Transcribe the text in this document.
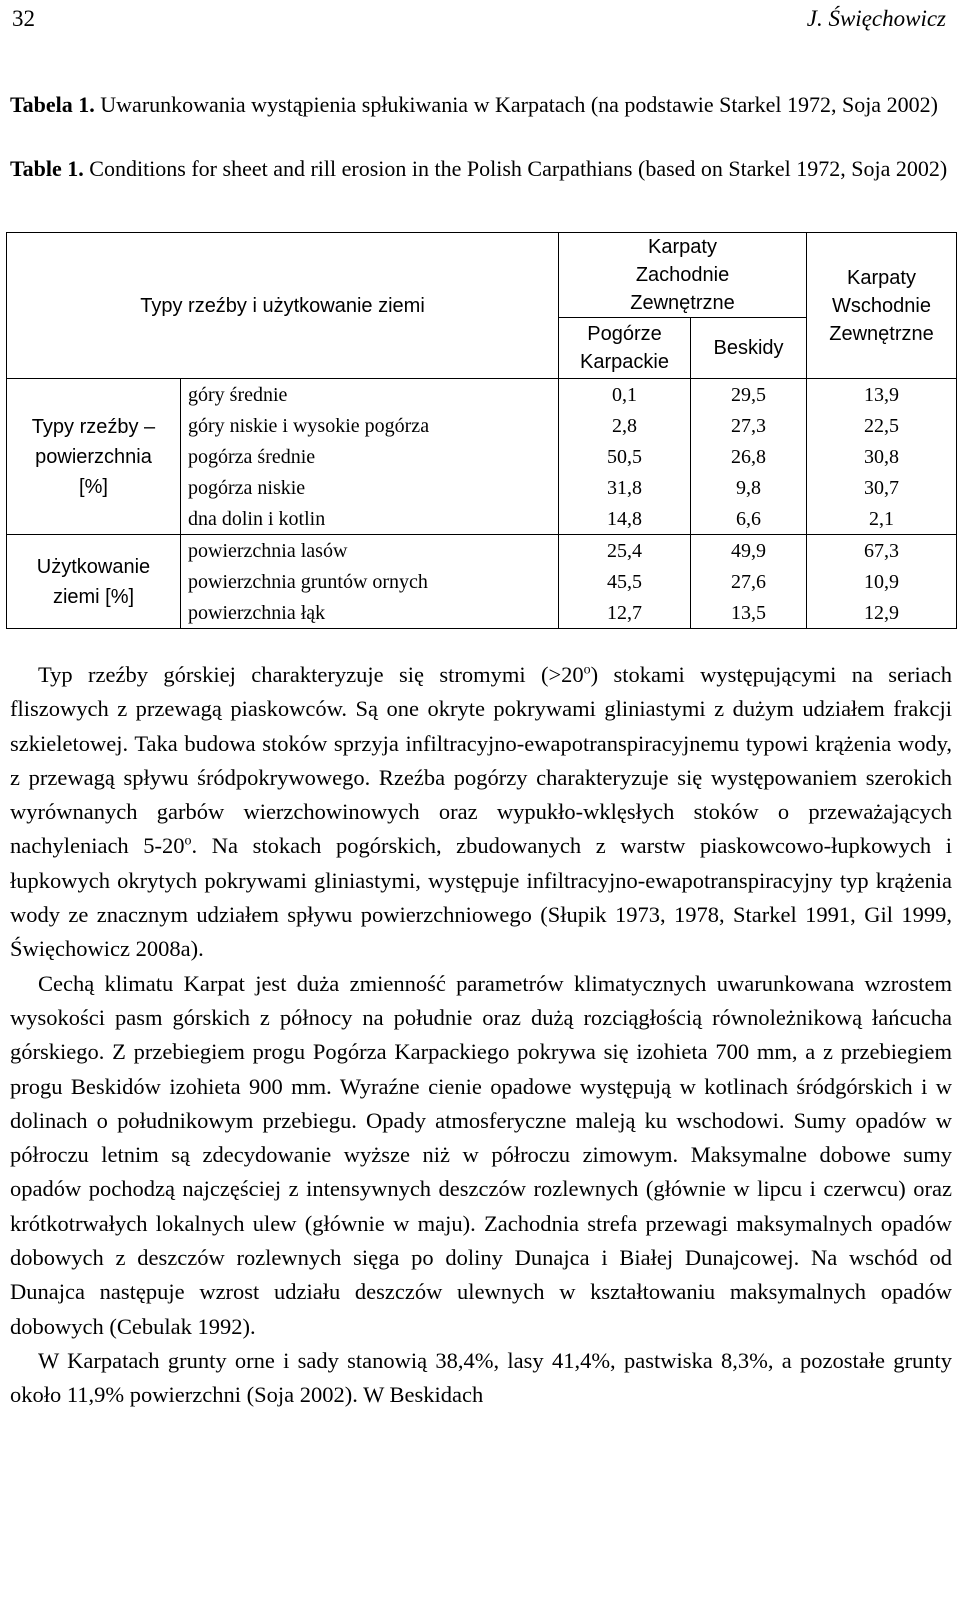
32	J. Święchowicz
Tabela 1. Uwarunkowania wystąpienia spłukiwania w Karpatach (na podstawie Starkel 1972, Soja 2002)
Table 1. Conditions for sheet and rill erosion in the Polish Carpathians (based on Starkel 1972, Soja 2002)
Typy rzeźby i użytkowanie ziemi		Karpaty Zachodnie Zewnętrzne		Karpaty Wschodnie Zewnętrzne
		Pogórze Karpackie	Beskidy	
Typy rzeźby – powierzchnia [%]	góry średnie	0,1	29,5	13,9
	góry niskie i wysokie pogórza	2,8	27,3	22,5
	pogórza średnie	50,5	26,8	30,8
	pogórza niskie	31,8	9,8	30,7
	dna dolin i kotlin	14,8	6,6	2,1
Użytkowanie ziemi [%]	powierzchnia lasów	25,4	49,9	67,3
	powierzchnia gruntów ornych	45,5	27,6	10,9
	powierzchnia łąk	12,7	13,5	12,9

Typ rzeźby górskiej charakteryzuje się stromymi $(>20^o)$ stokami występującymi na seriach fliszowych z przewagą piaskowców. Są one okryte pokrywami gliniastymi z dużym udziałem frakcji szkieletowej. Taka budowa stoków sprzyja infiltracyjno-ewapotranspiracyjnemu typowi krążenia wody, z przewagą spływu śródpokrywowego. Rzeźba pogórzy charakteryzuje się występowaniem szerokich wyrównanych garbów wierzchowinowych oraz wypukło-wklęsłych stoków o przeważających nachyleniach 5-20$^o$. Na stokach pogórskich, zbudowanych z warstw piaskowcowo-łupkowych i łupkowych okrytych pokrywami gliniastymi, występuje infiltracyjno-ewapotranspiracyjny typ krążenia wody ze znacznym udziałem spływu powierzchniowego (Słupik 1973, 1978, Starkel 1991, Gil 1999, Święchowicz 2008a).

Cechą klimatu Karpat jest duża zmienność parametrów klimatycznych uwarunkowana wzrostem wysokości pasm górskich z północy na południe oraz dużą rozciągłością równoleżnikową łańcucha górskiego. Z przebiegiem progu Pogórza Karpackiego pokrywa się izohieta 700 mm, a z przebiegiem progu Beskidów izohieta 900 mm. Wyraźne cienie opadowe występują w kotlinach śródgórskich i w dolinach o południkowym przebiegu. Opady atmosferyczne maleją ku wschodowi. Sumy opadów w półroczu letnim są zdecydowanie wyższe niż w półroczu zimowym. Maksymalne dobowe sumy opadów pochodzą najczęściej z intensywnych deszczów rozlewnych (głównie w lipcu i czerwcu) oraz krótkotrwałych lokalnych ulew (głównie w maju). Zachodnia strefa przewagi maksymalnych opadów dobowych z deszczów rozlewnych sięga po doliny Dunajca i Białej Dunajcowej. Na wschód od Dunajca następuje wzrost udziału deszczów ulewnych w kształtowaniu maksymalnych opadów dobowych (Cebulak 1992).

W Karpatach grunty orne i sady stanowią 38,4%, lasy 41,4%, pastwiska 8,3%, a pozostałe grunty około 11,9% powierzchni (Soja 2002). W Beskidach
